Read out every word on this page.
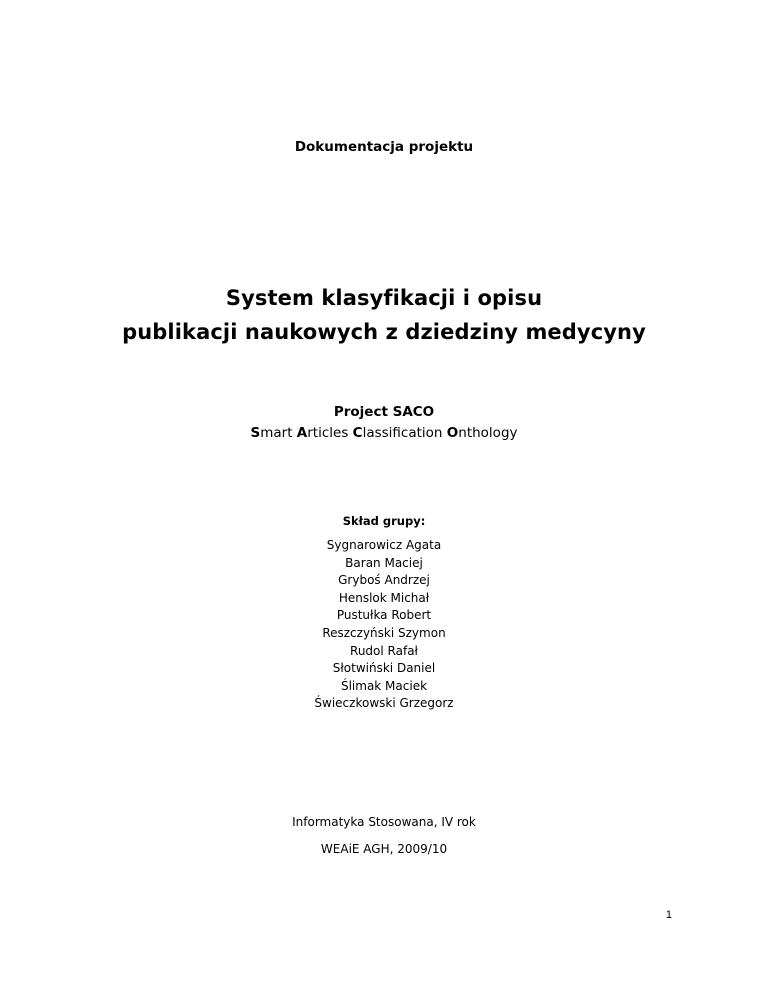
Dokumentacja projektu
System klasyfikacji i opisu
publikacji naukowych z dziedziny medycyny
Project SACO
Smart Articles Classification Onthology
Skład grupy:
Sygnarowicz Agata
Baran Maciej
Gryboś Andrzej
Henslok Michał
Pustułka Robert
Reszczyński Szymon
Rudol Rafał
Słotwiński Daniel
Ślimak Maciek
Świeczkowski Grzegorz
Informatyka Stosowana, IV rok
WEAiE AGH, 2009/10
1
